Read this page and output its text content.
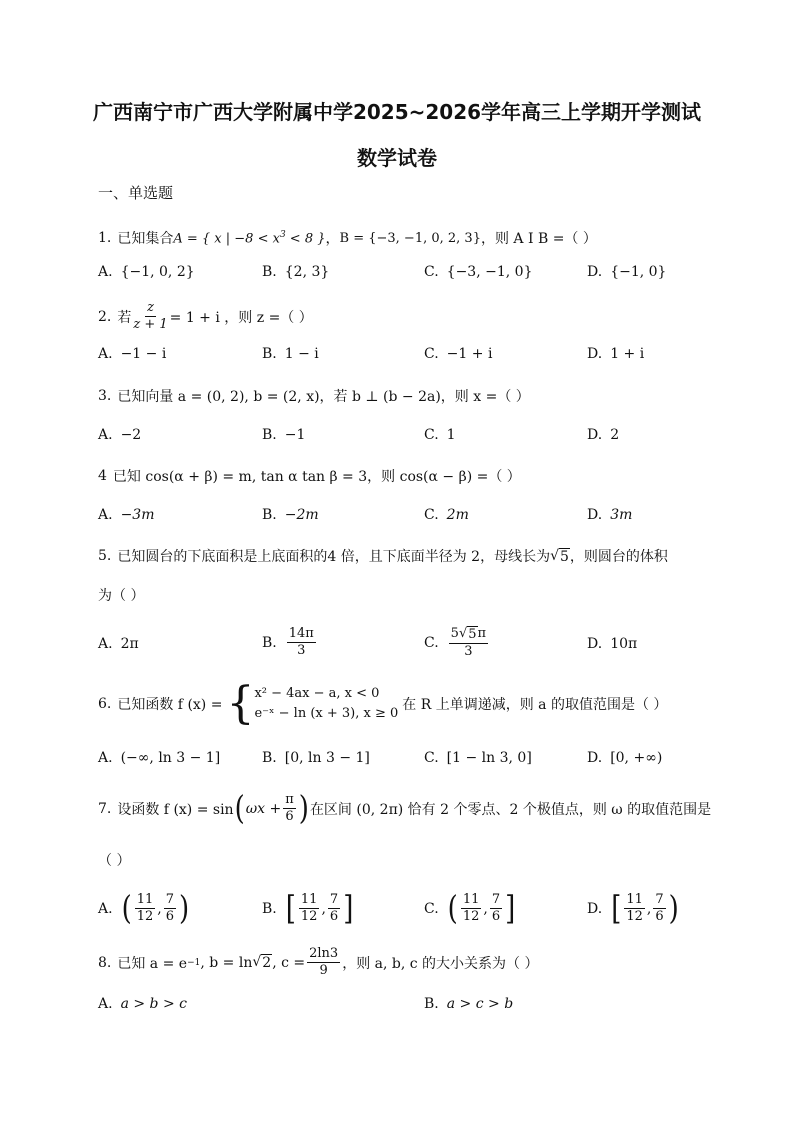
广西南宁市广西大学附属中学2025~2026学年高三上学期开学测试
数学试卷
一、单选题
1. 已知集合 A = { x | $-8 < x^3 < 8$ } ， B = {−3, −1, 0, 2, 3} ，则 A I B =（ ）
A. {−1, 0, 2}	B. {2, 3}	C. {−3, −1, 0}	D. {−1, 0}
2. 若 $\frac{z}{z + 1} = 1 + i$ ，则 z =（ ）
A. −1 − i	B. 1 − i	C. −1 + i	D. 1 + i
3. 已知向量 a = (0, 2), b = (2, x)，若 b ⊥ (b − 2a)，则 x =（ ）
A. −2	B. −1	C. 1	D. 2
4 已知 cos(α + β) = m, tan α tan β = 3，则 cos(α − β) =（ ）
A. −3m	B. −2m	C. 2m	D. 3m
5. 已知圆台的下底面积是上底面积的4 倍，且下底面半径为 2，母线长为 √ 5 ，则圆台的体积
为（ ）
A. 2π	B. $\frac{14\pi}{3}$	C. $\frac{5√ 5 \pi}{3}$	D. 10π
6. 已知函数 f (x) = { x² − 4ax − a, x < 0
e⁻ˣ − ln (x + 3), x ≥ 0
在 R 上单调递减，则 a 的取值范围是（ ）
A. (−∞, ln 3 − 1]	B. [0, ln 3 − 1]	C. [1 − ln 3, 0]	D. [0, +∞)
7. 设函数 f (x) = sin ( $\omega x + \frac{\pi}{6}$ ) 在区间 (0, 2π) 恰有 2 个零点、2 个极值点，则 ω 的取值范围是
（ ）
A. ( $\frac{11}{12}$ , $\frac{7}{6}$ )	B. [ $\frac{11}{12}$ , $\frac{7}{6}$ ]	C. ( $\frac{11}{12}$ , $\frac{7}{6}$ ]	D. [ $\frac{11}{12}$ , $\frac{7}{6}$ )
8. 已知 a = e −1 , b = ln √ 2 , $c = \frac{2\ln 3}{9}$ ，则 a, b, c 的大小关系为（ ）
A. a > b > c	B. a > c > b
